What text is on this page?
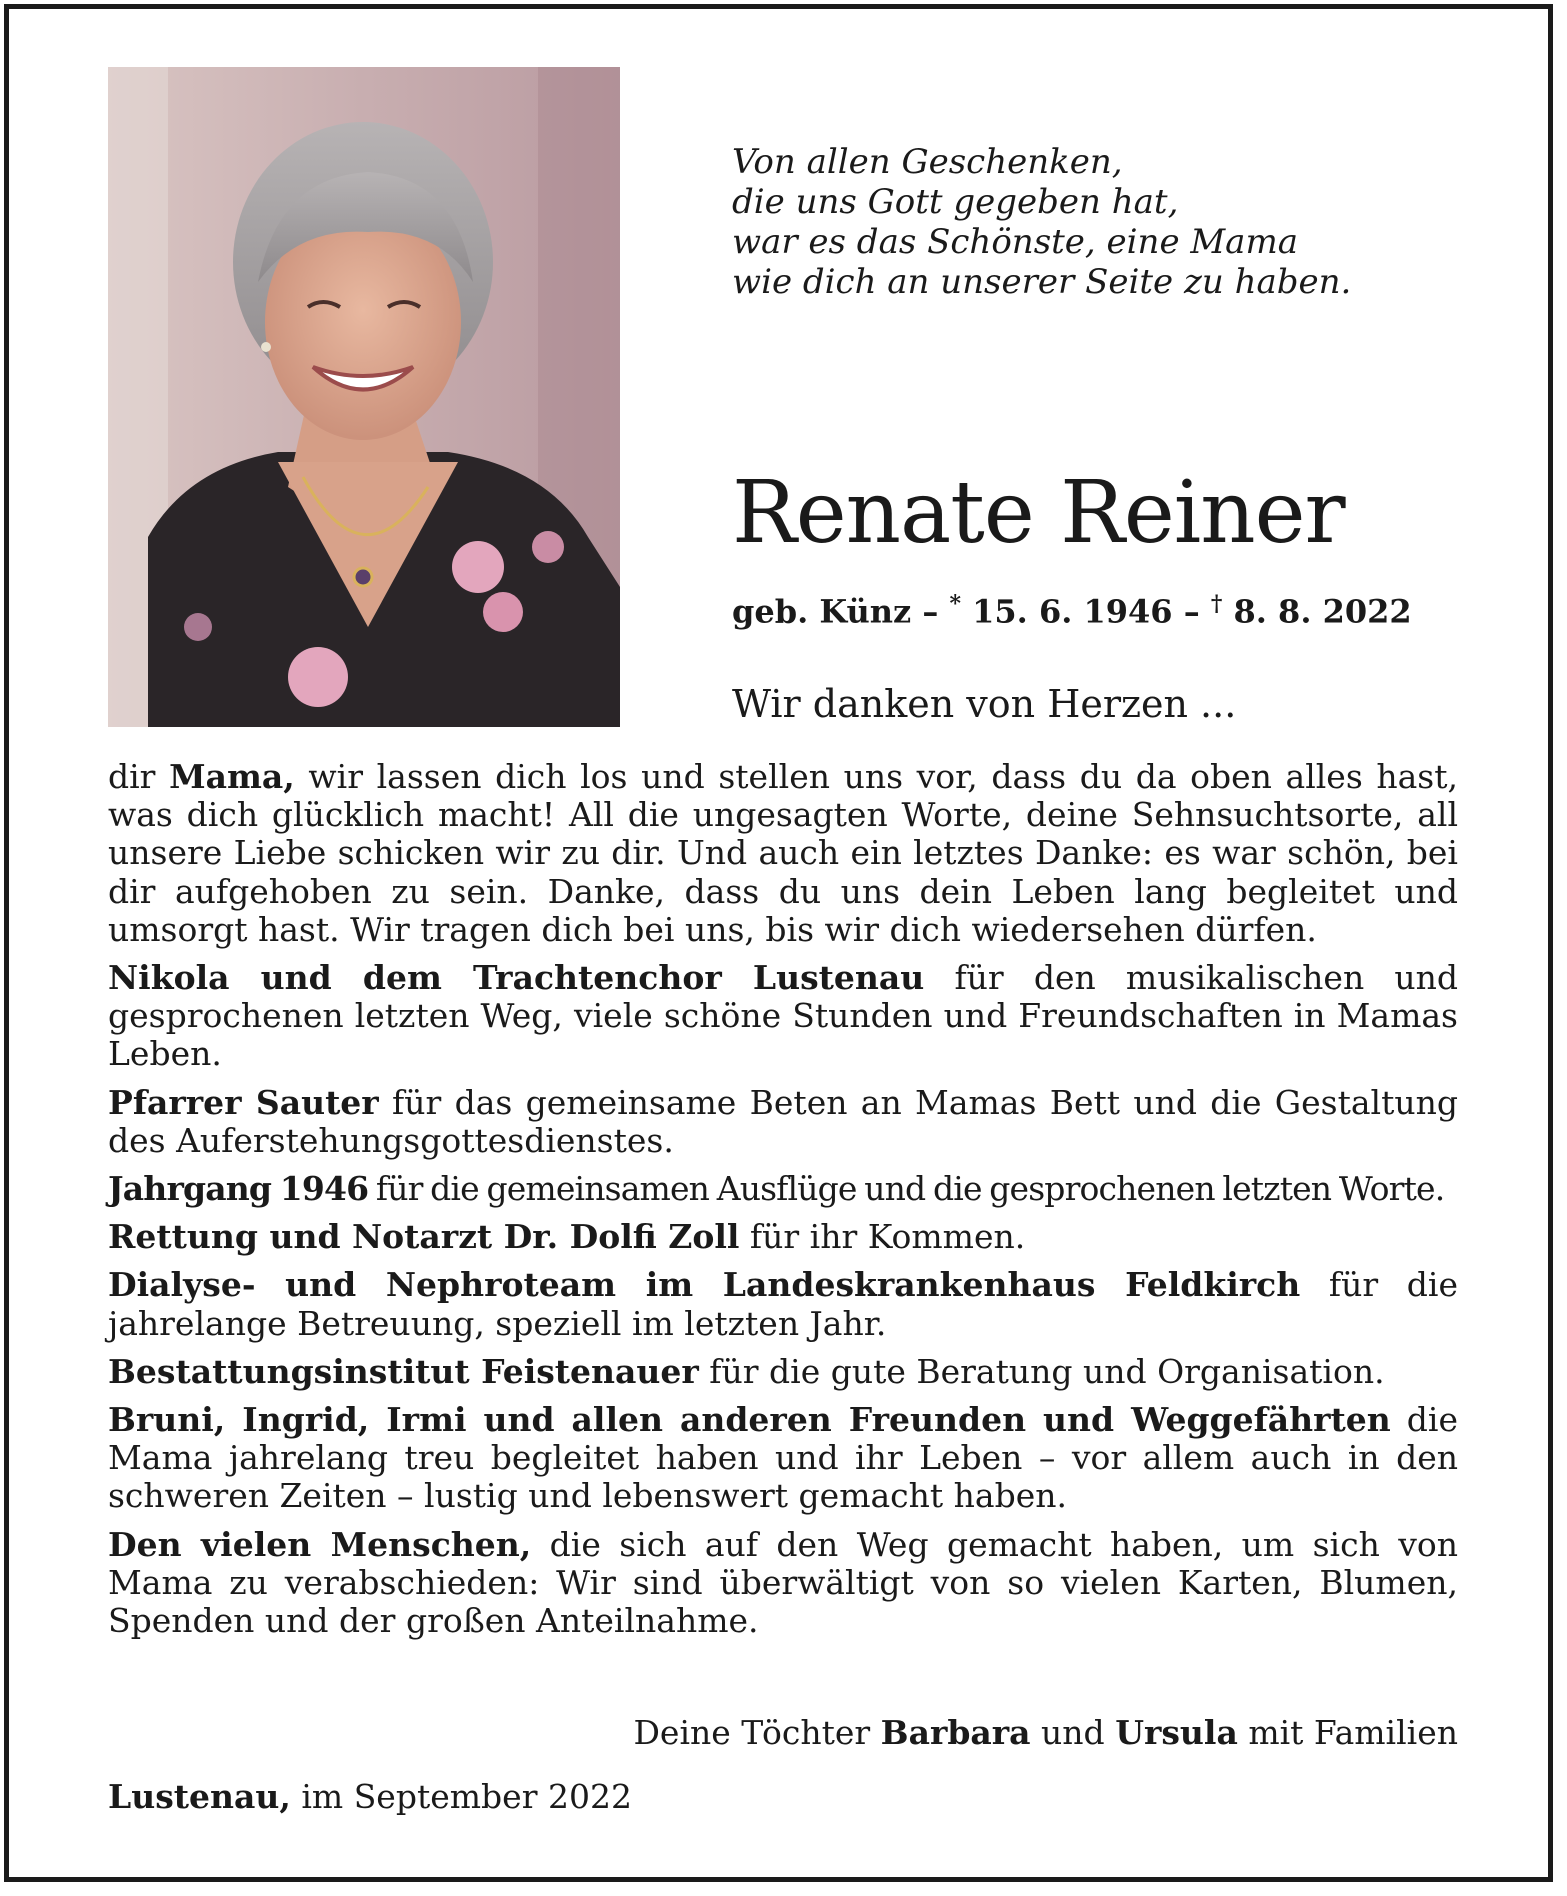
Von allen Geschenken,
die uns Gott gegeben hat,
war es das Schönste, eine Mama
wie dich an unserer Seite zu haben.
Renate Reiner
geb. Künz – * 15. 6. 1946 – † 8. 8. 2022
Wir danken von Herzen ...
dir Mama, wir lassen dich los und stellen uns vor, dass du da oben alles hast, was dich glücklich macht! All die ungesagten Worte, deine Sehnsuchtsorte, all unsere Liebe schicken wir zu dir. Und auch ein letztes Danke: es war schön, bei dir aufgehoben zu sein. Danke, dass du uns dein Leben lang begleitet und umsorgt hast. Wir tragen dich bei uns, bis wir dich wiedersehen dürfen.
Nikola und dem Trachtenchor Lustenau für den musikalischen und gesprochenen letzten Weg, viele schöne Stunden und Freundschaften in Mamas Leben.
Pfarrer Sauter für das gemeinsame Beten an Mamas Bett und die Gestaltung des Auferstehungsgottesdienstes.
Jahrgang 1946 für die gemeinsamen Ausflüge und die gesprochenen letzten Worte.
Rettung und Notarzt Dr. Dolfi Zoll für ihr Kommen.
Dialyse- und Nephroteam im Landeskrankenhaus Feldkirch für die jahrelange Betreuung, speziell im letzten Jahr.
Bestattungsinstitut Feistenauer für die gute Beratung und Organisation.
Bruni, Ingrid, Irmi und allen anderen Freunden und Weggefährten die Mama jahrelang treu begleitet haben und ihr Leben – vor allem auch in den schweren Zeiten – lustig und lebenswert gemacht haben.
Den vielen Menschen, die sich auf den Weg gemacht haben, um sich von Mama zu verabschieden: Wir sind überwältigt von so vielen Karten, Blumen, Spenden und der großen Anteilnahme.
Deine Töchter Barbara und Ursula mit Familien
Lustenau, im September 2022
